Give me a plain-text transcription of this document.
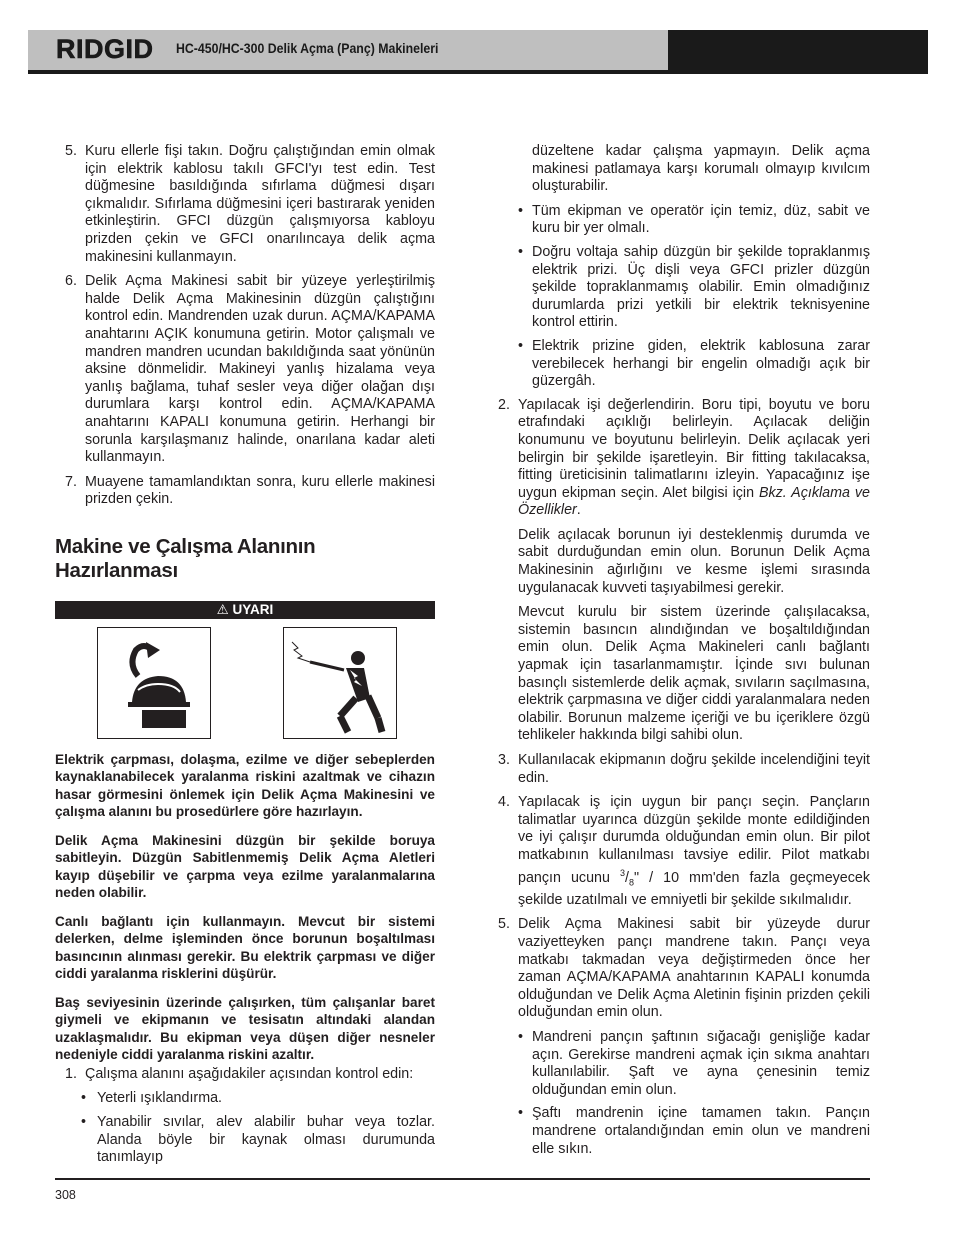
RIDGID HC-450/HC-300 Delik Açma (Panç) Makineleri
5. Kuru ellerle fişi takın. Doğru çalıştığından emin olmak için elektrik kablosu takılı GFCI'yı test edin. Test düğmesine basıldığında sıfırlama düğmesi dışarı çıkmalıdır. Sıfırlama düğmesini içeri bastırarak yeniden etkinleştirin. GFCI düzgün çalışmıyorsa kabloyu prizden çekin ve GFCI onarılıncaya delik açma makinesini kullanmayın.
6. Delik Açma Makinesi sabit bir yüzeye yerleştirilmiş halde Delik Açma Makinesinin düzgün çalıştığını kontrol edin. Mandrenden uzak durun. AÇMA/KAPAMA anahtarını AÇIK konumuna getirin. Motor çalışmalı ve mandren mandren ucundan bakıldığında saat yönünün aksine dönmelidir. Makineyi yanlış hizalama veya yanlış bağlama, tuhaf sesler veya diğer olağan dışı durumlara karşı kontrol edin. AÇMA/KAPAMA anahtarını KAPALI konumuna getirin. Herhangi bir sorunla karşılaşmanız halinde, onarılana kadar aleti kullanmayın.
7. Muayene tamamlandıktan sonra, kuru ellerle makinesi prizden çekin.
Makine ve Çalışma Alanının Hazırlanması
⚠ UYARI

Elektrik çarpması, dolaşma, ezilme ve diğer sebeplerden kaynaklanabilecek yaralanma riskini azaltmak ve cihazın hasar görmesini önlemek için Delik Açma Makinesini ve çalışma alanını bu prosedürlere göre hazırlayın.

Delik Açma Makinesini düzgün bir şekilde boruya sabitleyin. Düzgün Sabitlenmemiş Delik Açma Aletleri kayıp düşebilir ve çarpma veya ezilme yaralanmalarına neden olabilir.

Canlı bağlantı için kullanmayın. Mevcut bir sistemi delerken, delme işleminden önce borunun boşaltılması basıncının alınması gerekir. Bu elektrik çarpması ve diğer ciddi yaralanma risklerini düşürür.

Baş seviyesinin üzerinde çalışırken, tüm çalışanlar baret giymeli ve ekipmanın ve tesisatın altındaki alandan uzaklaşmalıdır. Bu ekipman veya düşen diğer nesneler nedeniyle ciddi yaralanma riskini azaltır.

1. Çalışma alanını aşağıdakiler açısından kontrol edin:
• Yeterli ışıklandırma.
• Yanabilir sıvılar, alev alabilir buhar veya tozlar. Alanda böyle bir kaynak olması durumunda tanımlayıp

düzeltene kadar çalışma yapmayın. Delik açma makinesi patlamaya karşı korumalı olmayıp kıvılcım oluşturabilir.

• Tüm ekipman ve operatör için temiz, düz, sabit ve kuru bir yer olmalı.
• Doğru voltaja sahip düzgün bir şekilde topraklanmış elektrik prizi. Üç dişli veya GFCI prizler düzgün şekilde topraklanmamış olabilir. Emin olmadığınız durumlarda prizi yetkili bir elektrik teknisyenine kontrol ettirin.
• Elektrik prizine giden, elektrik kablosuna zarar verebilecek herhangi bir engelin olmadığı açık bir güzergâh.
2. Yapılacak işi değerlendirin. Boru tipi, boyutu ve boru etrafındaki açıklığı belirleyin. Açılacak deliğin konumunu ve boyutunu belirleyin. Delik açılacak yeri belirgin bir şekilde işaretleyin. Bir fitting takılacaksa, fitting üreticisinin talimatlarını izleyin. Yapacağınız işe uygun ekipman seçin. Alet bilgisi için Bkz. Açıklama ve Özellikler.

Delik açılacak borunun iyi desteklenmiş durumda ve sabit durduğundan emin olun. Borunun Delik Açma Makinesinin ağırlığını ve kesme işlemi sırasında uygulanacak kuvveti taşıyabilmesi gerekir.

Mevcut kurulu bir sistem üzerinde çalışılacaksa, sistemin basıncın alındığından ve boşaltıldığından emin olun. Delik Açma Makineleri canlı bağlantı yapmak için tasarlanmamıştır. İçinde sıvı bulunan basınçlı sistemlerde delik açmak, sıvıların saçılmasına, elektrik çarpmasına ve diğer ciddi yaralanmalara neden olabilir. Borunun malzeme içeriği ve bu içeriklere özgü tehlikeler hakkında bilgi sahibi olun.

3. Kullanılacak ekipmanın doğru şekilde incelendiğini teyit edin.
4. Yapılacak iş için uygun bir pançı seçin. Pançların talimatlar uyarınca düzgün şekilde monte edildiğinden ve iyi çalışır durumda olduğundan emin olun. Bir pilot matkabının kullanılması tavsiye edilir. Pilot matkabı pançın ucunu $^3/_8$" / 10 mm'den fazla geçmeyecek şekilde uzatılmalı ve emniyetli bir şekilde sıkılmalıdır.
5. Delik Açma Makinesi sabit bir yüzeyde durur vaziyetteyken pançı mandrene takın. Pançı veya matkabı takmadan veya değiştirmeden önce her zaman AÇMA/KAPAMA anahtarının KAPALI konumda olduğundan ve Delik Açma Aletinin fişinin prizden çekili olduğundan emin olun.
• Mandreni pançın şaftının sığacağı genişliğe kadar açın. Gerekirse mandreni açmak için sıkma anahtarı kullanılabilir. Şaft ve ayna çenesinin temiz olduğundan emin olun.
• Şaftı mandrenin içine tamamen takın. Pançın mandrene ortalandığından emin olun ve mandreni elle sıkın.
308
